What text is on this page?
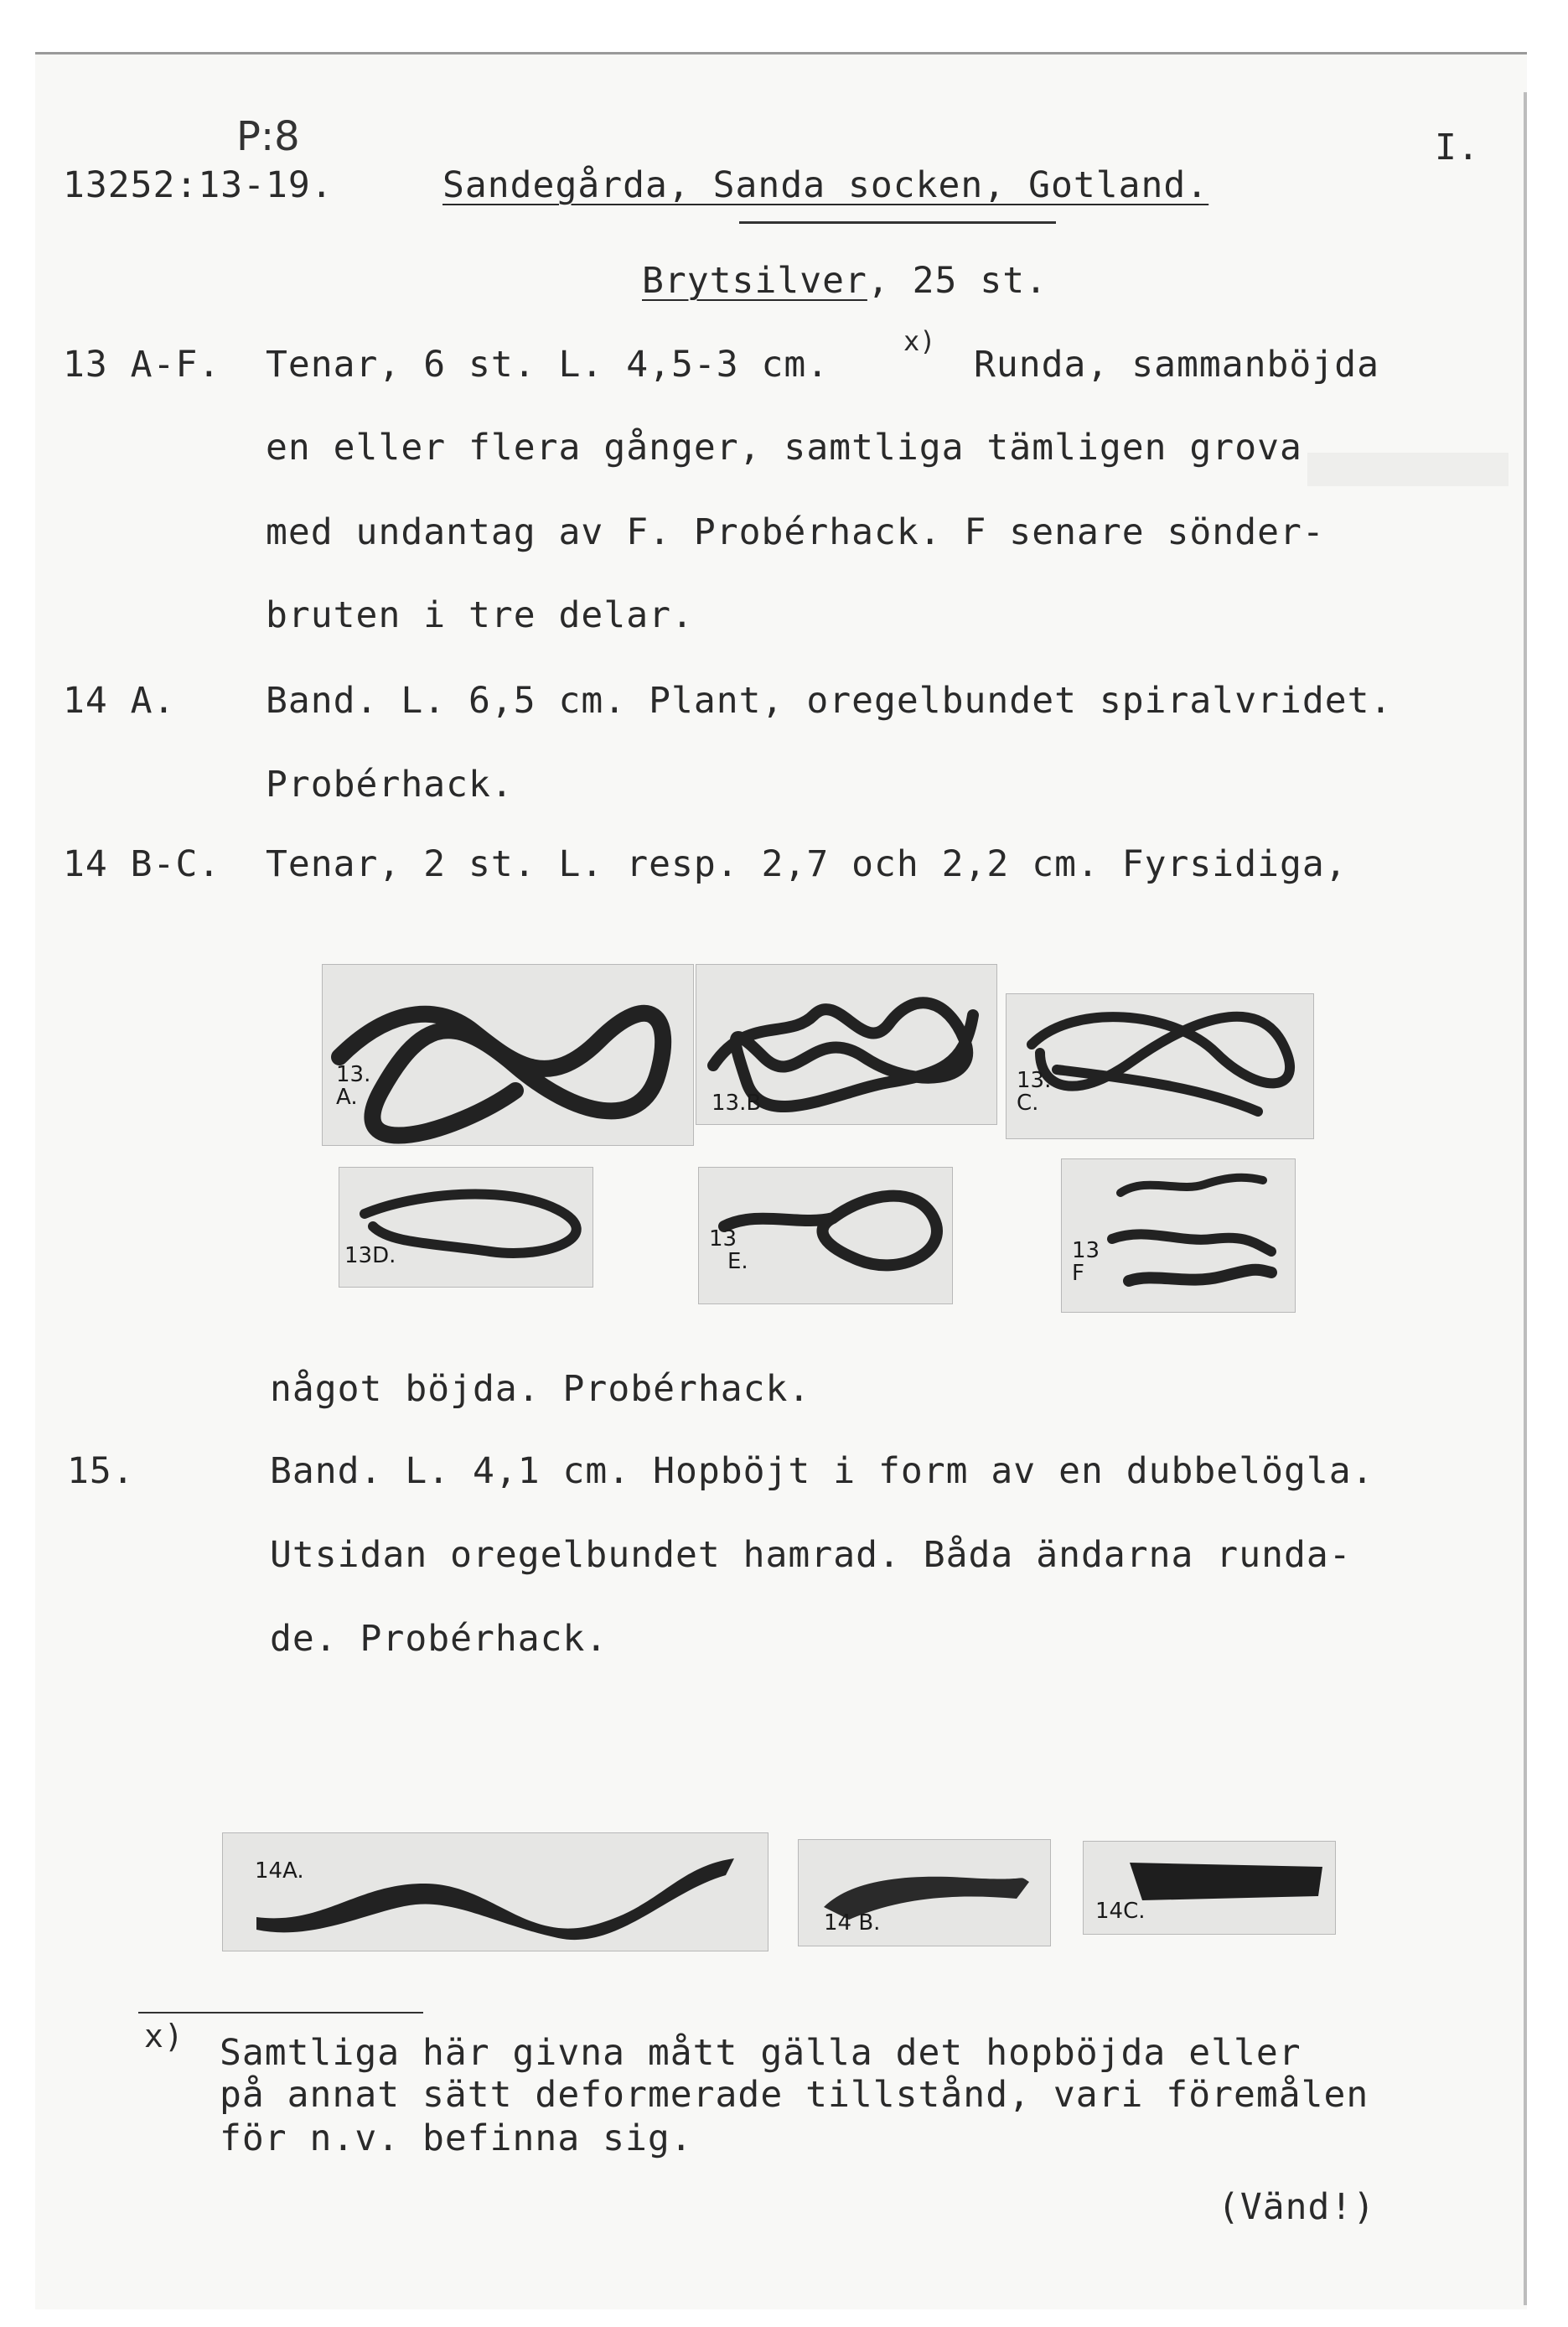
P:8
13252:13-19.	Sandegårda, Sanda socken, Gotland.
I.
Brytsilver, 25 st.
13 A-F. Tenar, 6 st. L. 4,5-3 cm.
x)
Runda, sammanböjda
en eller flera gånger, samtliga tämligen grova
med undantag av F. Probérhack. F senare sönder-
bruten i tre delar.
14 A.	Band. L. 6,5 cm. Plant, oregelbundet spiralvridet.
Probérhack.
14 B-C. Tenar, 2 st. L. resp. 2,7 och 2,2 cm. Fyrsidiga,
13.
A.	13.B
13.
C.
13D.
13
E.	13
F
något böjda. Probérhack.
15.	Band. L. 4,1 cm. Hopböjt i form av en dubbelögla.
Utsidan oregelbundet hamrad. Båda ändarna runda-
de. Probérhack.
14A.
14 B.	14C.
x) Samtliga här givna mått gälla det hopböjda eller
på annat sätt deformerade tillstånd, vari föremålen
för n.v. befinna sig.
(Vänd!)
